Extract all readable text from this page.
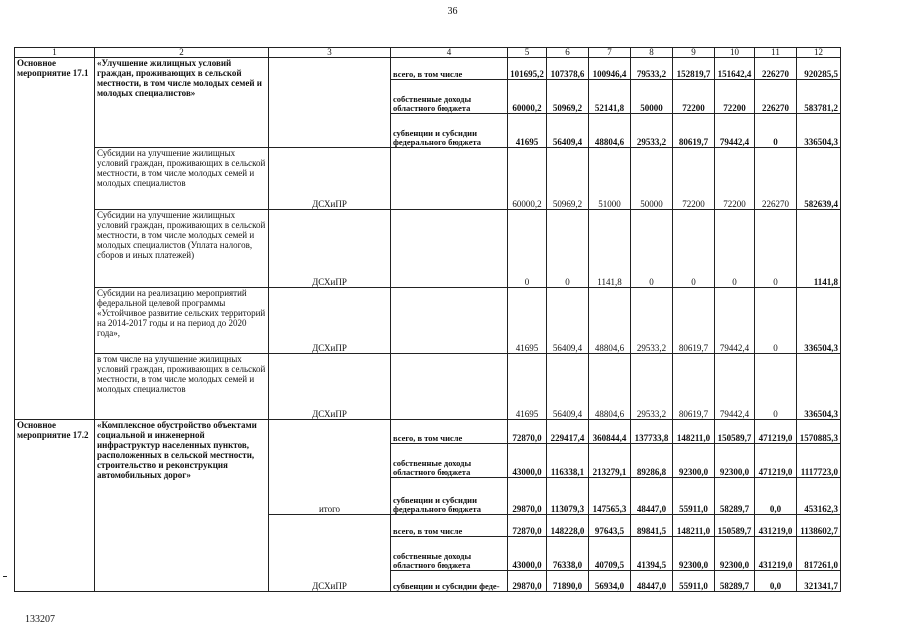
36
1	2	3	4	5	6	7	8	9	10	11	12
Основное мероприятие 17.1	«Улучшение жилищных условий граждан, проживающих в сельской местности, в том числе молодых семей и молодых специалистов»		всего, в том числе	101695,2	107378,6	100946,4	79533,2	152819,7	151642,4	226270	920285,5
			собственные доходы областного бюджета	60000,2	50969,2	52141,8	50000	72200	72200	226270	583781,2
			субвенции и субсидии федерального бюджета	41695	56409,4	48804,6	29533,2	80619,7	79442,4	0	336504,3
	Субсидии на улучшение жилищных условий граждан, проживающих в сельской местности, в том числе молодых семей и молодых специалистов	ДСХиПР		60000,2	50969,2	51000	50000	72200	72200	226270	582639,4
	Субсидии на улучшение жилищных условий граждан, проживающих в сельской местности, в том числе молодых семей и молодых специалистов (Уплата налогов, сборов и иных платежей)	ДСХиПР		0	0	1141,8	0	0	0	0	1141,8
	Субсидии на реализацию мероприятий федеральной целевой программы «Устойчивое развитие сельских территорий на 2014-2017 годы и на период до 2020 года»,	ДСХиПР		41695	56409,4	48804,6	29533,2	80619,7	79442,4	0	336504,3
	в том числе на улучшение жилищных условий граждан, проживающих в сельской местности, в том числе молодых семей и молодых специалистов	ДСХиПР		41695	56409,4	48804,6	29533,2	80619,7	79442,4	0	336504,3
Основное мероприятие 17.2	«Комплексное обустройство объектами социальной и инженерной инфраструктур населенных пунктов, расположенных в сельской местности, строительство и реконструкция автомобильных дорог»	итого	всего, в том числе	72870,0	229417,4	360844,4	137733,8	148211,0	150589,7	471219,0	1570885,3
			собственные доходы областного бюджета	43000,0	116338,1	213279,1	89286,8	92300,0	92300,0	471219,0	1117723,0
			субвенции и субсидии федерального бюджета	29870,0	113079,3	147565,3	48447,0	55911,0	58289,7	0,0	453162,3
		ДСХиПР	всего, в том числе	72870,0	148228,0	97643,5	89841,5	148211,0	150589,7	431219,0	1138602,7
			собственные доходы областного бюджета	43000,0	76338,0	40709,5	41394,5	92300,0	92300,0	431219,0	817261,0
			субвенции и субсидии феде-	29870,0	71890,0	56934,0	48447,0	55911,0	58289,7	0,0	321341,7
133207
